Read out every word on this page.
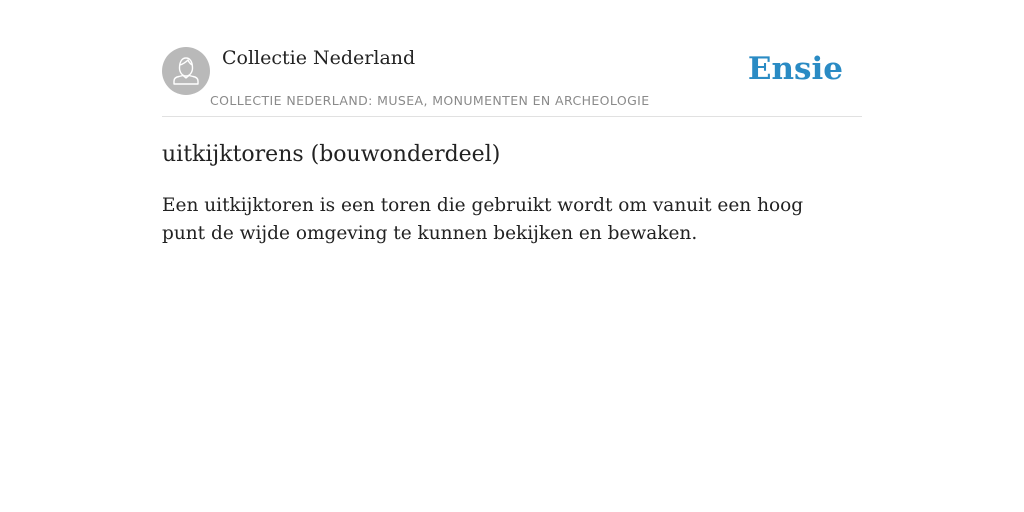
Collectie Nederland
COLLECTIE NEDERLAND: MUSEA, MONUMENTEN EN ARCHEOLOGIE
Ensie
uitkijktorens (bouwonderdeel)

Een uitkijktoren is een toren die gebruikt wordt om vanuit een hoog punt de wijde omgeving te kunnen bekijken en bewaken.
